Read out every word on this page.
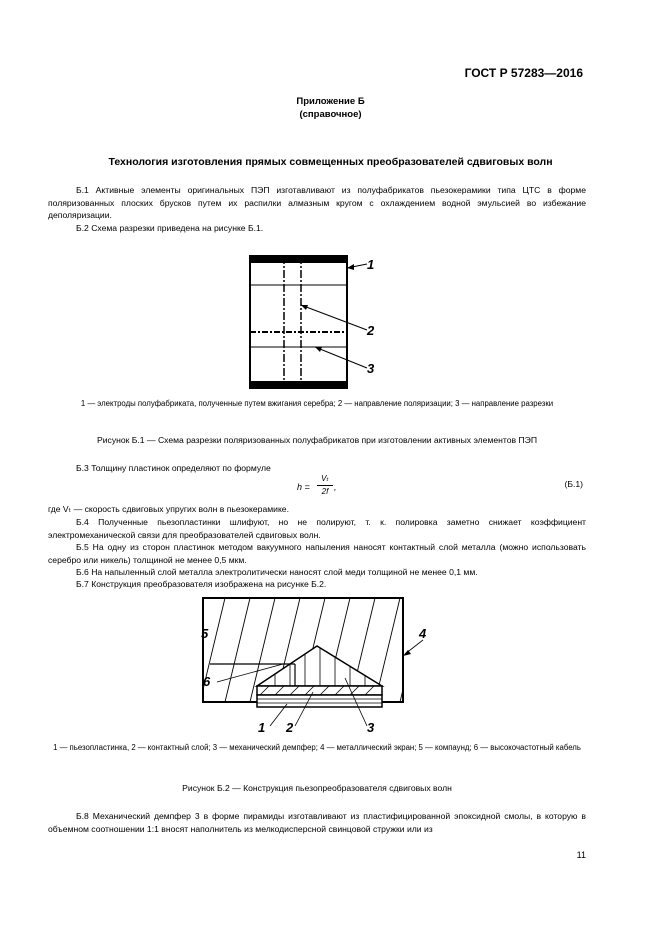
ГОСТ Р 57283—2016
Приложение Б
(справочное)
Технология изготовления прямых совмещенных преобразователей сдвиговых волн

Б.1 Активные элементы оригинальных ПЭП изготавливают из полуфабрикатов пьезокерамики типа ЦТС в форме поляризованных плоских брусков путем их распилки алмазным кругом с охлаждением водной эмульсией во избежание деполяризации.

Б.2 Схема разрезки приведена на рисунке Б.1.

1
2
3

1 — электроды полуфабриката, полученные путем вжигания серебра; 2 — направление поляризации; 3 — направление разрезки

Рисунок Б.1 — Схема разрезки поляризованных полуфабрикатов при изготовлении активных элементов ПЭП

Б.3 Толщину пластинок определяют по формуле

h =
Vₜ
2f ,	(Б.1)

где Vₜ — скорость сдвиговых упругих волн в пьезокерамике.

Б.4 Полученные пьезопластинки шлифуют, но не полируют, т. к. полировка заметно снижает коэффициент электромеханической связи для преобразователей сдвиговых волн.

Б.5 На одну из сторон пластинок методом вакуумного напыления наносят контактный слой металла (можно использовать серебро или никель) толщиной не менее 0,5 мкм.

Б.6 На напыленный слой металла электролитически наносят слой меди толщиной не менее 0,1 мм.

Б.7 Конструкция преобразователя изображена на рисунке Б.2.

1 2	3
4
5
6

1 — пьезопластинка, 2 — контактный слой; 3 — механический демпфер; 4 — металлический экран; 5 — компаунд; 6 — высокочастотный кабель

Рисунок Б.2 — Конструкция пьезопреобразователя сдвиговых волн

Б.8 Механический демпфер 3 в форме пирамиды изготавливают из пластифицированной эпоксидной смолы, в которую в объемном соотношении 1:1 вносят наполнитель из мелкодисперсной свинцовой стружки или из

11
